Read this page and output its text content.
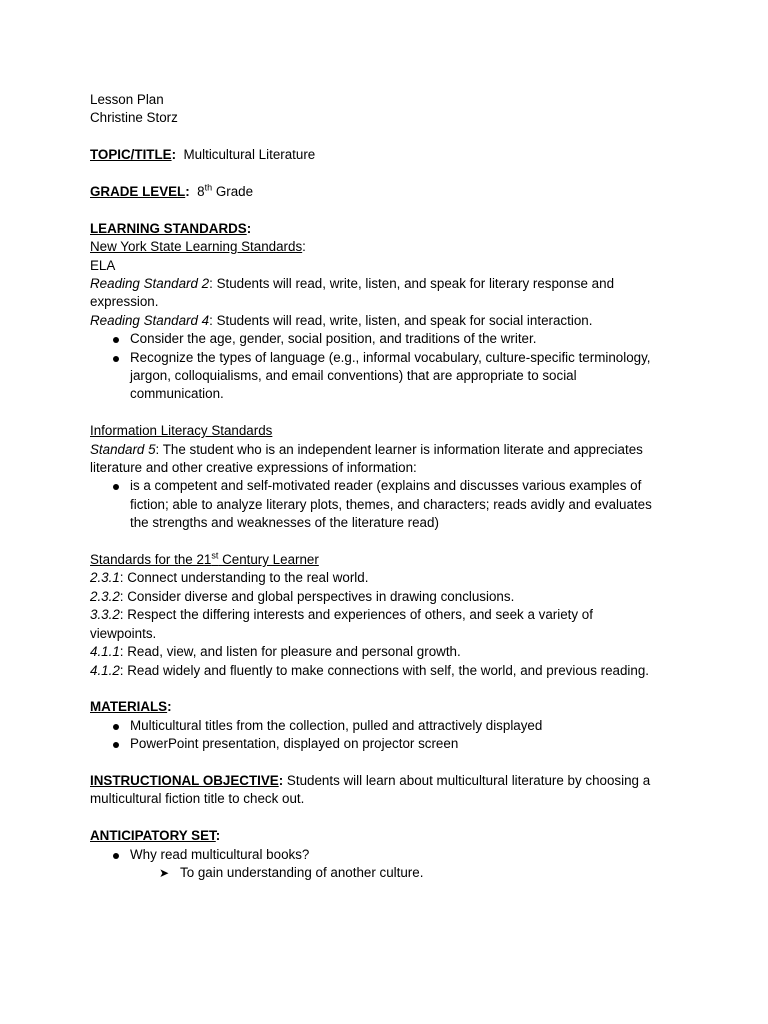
Lesson Plan
Christine Storz
TOPIC/TITLE: Multicultural Literature
GRADE LEVEL: 8th Grade
LEARNING STANDARDS:
New York State Learning Standards:
ELA
Reading Standard 2: Students will read, write, listen, and speak for literary response and
expression.
Reading Standard 4: Students will read, write, listen, and speak for social interaction.
Consider the age, gender, social position, and traditions of the writer.
Recognize the types of language (e.g., informal vocabulary, culture-specific terminology,
jargon, colloquialisms, and email conventions) that are appropriate to social
communication.
Information Literacy Standards
Standard 5: The student who is an independent learner is information literate and appreciates
literature and other creative expressions of information:
is a competent and self-motivated reader (explains and discusses various examples of
fiction; able to analyze literary plots, themes, and characters; reads avidly and evaluates
the strengths and weaknesses of the literature read)
Standards for the 21st Century Learner
2.3.1: Connect understanding to the real world.
2.3.2: Consider diverse and global perspectives in drawing conclusions.
3.3.2: Respect the differing interests and experiences of others, and seek a variety of
viewpoints.
4.1.1: Read, view, and listen for pleasure and personal growth.
4.1.2: Read widely and fluently to make connections with self, the world, and previous reading.
MATERIALS:
Multicultural titles from the collection, pulled and attractively displayed
PowerPoint presentation, displayed on projector screen
INSTRUCTIONAL OBJECTIVE: Students will learn about multicultural literature by choosing a
multicultural fiction title to check out.
ANTICIPATORY SET:
Why read multicultural books?
➤ To gain understanding of another culture.
